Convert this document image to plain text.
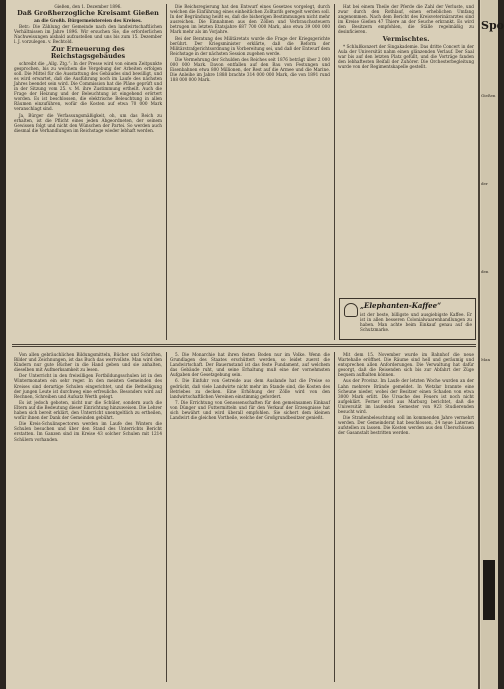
Gießen, den 1. Dezember 1896.

Daß Großherzogliche Kreisamt Gießen

an die Großh. Bürgermeistereien des Kreises.

Betr.: Die Zählung der Gemeinde nach den landwirtschaftlichen Verhältnissen im Jahre 1896. Wir ersuchen Sie, die erforderlichen Nachweisungen alsbald aufzustellen und uns bis zum 15. Dezember l. J. vorzulegen. v. Bechtold.

Zur Erneuerung des Reichstagsgebäudes

schreibt die „Allg. Ztg.“: In der Presse wird von einem Zeitpunkte gesprochen, bis zu welchem die Vergebung der Arbeiten erfolgen soll. Die Mittel für die Ausstattung des Gebäudes sind bewilligt, und es wird erwartet, daß die Ausführung noch im Laufe des nächsten Jahres beendet sein wird. Die Commission hat die Pläne geprüft und in der Sitzung vom 25. v. M. ihre Zustimmung ertheilt. Auch die Frage der Heizung und der Beleuchtung ist eingehend erörtert worden. Es ist beschlossen, die elektrische Beleuchtung in allen Räumen einzuführen, wofür die Kosten auf etwa 70 000 Mark veranschlagt sind.

Ja, Bürger die Verfassungsmäßigkeit, oh, um das Reich zu erhalten, ist die Pflicht eines jeden Abgeordneten, der seinem Gewissen folgt und nicht den Wünschen der Partei. So werden auch diesmal die Verhandlungen im Reichstage wieder lebhaft werden.

Die Reichsregierung hat den Entwurf eines Gesetzes vorgelegt, durch welchen die Einführung eines einheitlichen Zolltarifs geregelt werden soll. In der Begründung heißt es, daß die bisherigen Bestimmungen nicht mehr ausreichen. Die Einnahmen aus den Zöllen und Verbrauchssteuern betrugen im letzten Etatsjahre 687 700 000 Mark, also etwa 39 000 000 Mark mehr als im Vorjahre.

Bei der Beratung des Militäretats wurde die Frage der Kriegsgerichte berührt. Der Kriegsminister erklärte, daß die Reform der Militärstrafgerichtsordnung in Vorbereitung sei, und daß der Entwurf dem Reichstage in der nächsten Session zugehen werde.

Die Vermehrung der Schulden des Reiches seit 1876 beträgt über 2 000 000 000 Mark. Davon entfallen auf den Bau von Festungen und Eisenbahnen etwa 800 Millionen, der Rest auf die Armee und die Marine. Die Anleihe im Jahre 1888 brachte 314 000 000 Mark, die von 1891 rund 188 000 000 Mark.

Hat bei einem Theile der Pferde die Zahl der Verluste, und zwar durch den Rothlauf, einen erheblichen Umfang angenommen. Nach dem Bericht des Kreisveterinärarztes sind im Kreise Gießen 47 Thiere an der Seuche erkrankt. Es wird den Besitzern empfohlen, die Ställe regelmäßig zu desinficieren.

Vermischtes.

* Schlußkonzert der Singakademie. Das dritte Concert in der Aula der Universität nahm einen glänzenden Verlauf. Der Saal war bis auf den letzten Platz gefüllt, und die Vorträge fanden den lebhaftesten Beifall der Zuhörer. Die Orchesterbegleitung wurde von der Regimentskapelle gestellt.

„Elephanten-Kaffee“
ist der beste, billigste und ausgiebigste Kaffee. Er ist in allen besseren Colonialwaarenhandlungen zu haben. Man achte beim Einkauf genau auf die Schutzmarke.

Von allen gebräuchlichen Bildungsmitteln, Bücher und Schriften, Bilder und Zeichnungen, ist das Buch das wertvollste. Man wird den Kindern nur gute Bücher in die Hand geben und sie anhalten, dieselben mit Aufmerksamkeit zu lesen.

Der Unterricht in den freiwilligen Fortbildungsschulen ist in den Wintermonaten ein sehr reger. In den meisten Gemeinden des Kreises sind derartige Schulen eingerichtet, und die Betheiligung der jungen Leute ist durchweg eine erfreuliche. Besonders wird auf Rechnen, Schreiben und Aufsatz Werth gelegt.

Es ist jedoch geboten, nicht nur die Schüler, sondern auch die Eltern auf die Bedeutung dieser Einrichtung hinzuweisen. Die Lehrer haben sich bereit erklärt, den Unterricht unentgeltlich zu ertheilen, wofür ihnen der Dank der Gemeinden gebührt.

Die Kreis-Schulinspectoren werden im Laufe des Winters die Schulen besuchen und über den Stand des Unterrichts Bericht erstatten. Im Ganzen sind im Kreise 43 solcher Schulen mit 1214 Schülern vorhanden.

5. Die Monarchie hat ihren festen Boden nur im Volke. Wenn die Grundlagen des Staates erschüttert werden, so leidet zuerst die Landwirtschaft. Der Bauernstand ist das feste Fundament, auf welchem das Gebäude ruht, und seine Erhaltung muß eine der vornehmsten Aufgaben der Gesetzgebung sein.

6. Die Einfuhr von Getreide aus dem Auslande hat die Preise so gedrückt, daß viele Landwirte nicht mehr im Stande sind, die Kosten des Betriebes zu decken. Eine Erhöhung der Zölle wird von den landwirtschaftlichen Vereinen einstimmig gefordert.

7. Die Errichtung von Genossenschaften für den gemeinsamen Einkauf von Dünger und Futtermitteln und für den Verkauf der Erzeugnisse hat sich bewährt und wird überall empfohlen. Sie sichert dem kleinen Landwirt die gleichen Vortheile, welche der Großgrundbesitzer genießt.

Mit dem 15. November wurde im Bahnhof die neue Wartehalle eröffnet. Die Räume sind hell und geräumig und entsprechen allen Anforderungen. Die Verwaltung hat dafür gesorgt, daß die Reisenden sich bis zur Abfahrt der Züge bequem aufhalten können.

Aus der Provinz. Im Laufe der letzten Woche wurden an der Lahn mehrere Brände gemeldet. In Wetzlar brannte eine Scheune nieder, wobei der Besitzer einen Schaden von etwa 3000 Mark erlitt. Die Ursache des Feuers ist noch nicht aufgeklärt. Ferner wird aus Marburg berichtet, daß die Universität im laufenden Semester von 923 Studierenden besucht wird.

Die Straßenbeleuchtung soll im kommenden Jahre vermehrt werden. Der Gemeinderat hat beschlossen, 24 neue Laternen aufstellen zu lassen. Die Kosten werden aus den Überschüssen der Gasanstalt bestritten werden.

Spo
Gießen
der
den
Man
